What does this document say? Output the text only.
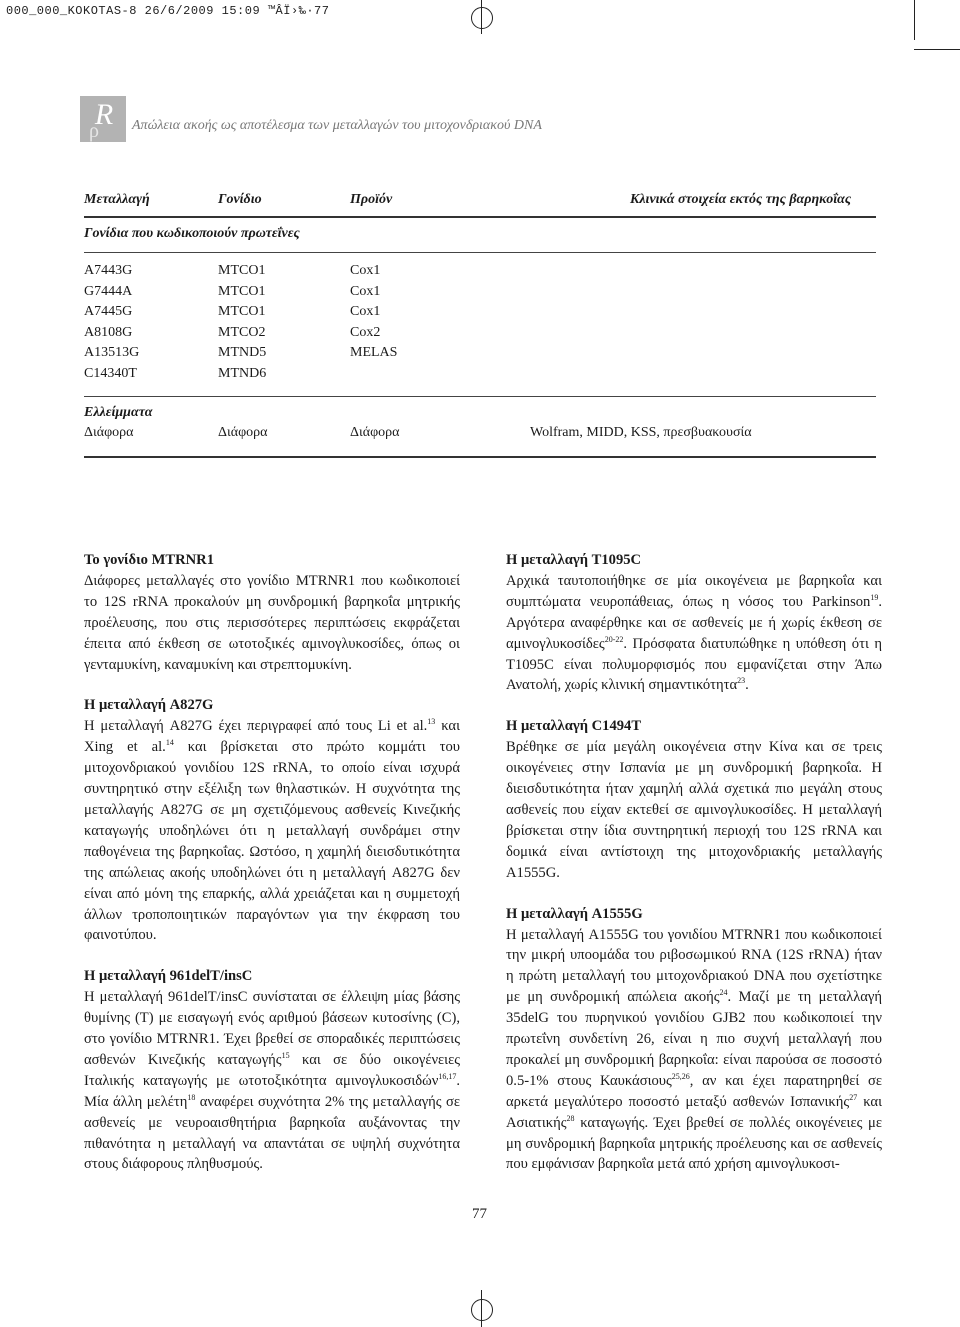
000_000_KOKOTAS-8 26/6/2009 15:09 ™ÂÏ›‰·77
R
ρ Απώλεια ακοής ως αποτέλεσμα των μεταλλαγών του μιτοχονδριακού DNA
Μεταλλαγή	Γονίδιο	Προϊόν	Κλινικά στοιχεία εκτός της βαρηκοΐας
Γονίδια που κωδικοποιούν πρωτεΐνες
A7443G	MTCO1	Cox1
G7444A	MTCO1	Cox1
A7445G	MTCO1	Cox1
A8108G	MTCO2	Cox2
A13513G	MTND5	MELAS
C14340T	MTND6
Ελλείμματα
Διάφορα	Διάφορα	Διάφορα	Wolfram, MIDD, KSS, πρεσβυακουσία
Το γονίδιο MTRNR1

Διάφορες μεταλλαγές στο γονίδιο MTRNR1 που κωδικοποιεί το 12S rRNA προκαλούν μη συνδρομική βαρηκοΐα μητρικής προέλευσης, που στις περισσότερες περιπτώσεις εκφράζεται έπειτα από έκθεση σε ωτοτοξικές αμινογλυκοσίδες, όπως οι γενταμυκίνη, καναμυκίνη και στρεπτομυκίνη.

Η μεταλλαγή A827G

Η μεταλλαγή A827G έχει περιγραφεί από τους Li et al.$^{13}$ και Xing et al.$^{14}$ και βρίσκεται στο πρώτο κομμάτι του μιτοχονδριακού γονιδίου 12S rRNA, το οποίο είναι ισχυρά συντηρητικό στην εξέλιξη των θηλαστικών. Η συχνότητα της μεταλλαγής A827G σε μη σχετιζόμενους ασθενείς Κινεζικής καταγωγής υποδηλώνει ότι η μεταλλαγή συνδράμει στην παθογένεια της βαρηκοΐας. Ωστόσο, η χαμηλή διεισδυτικότητα της απώλειας ακοής υποδηλώνει ότι η μεταλλαγή A827G δεν είναι από μόνη της επαρκής, αλλά χρειάζεται και η συμμετοχή άλλων τροποποιητικών παραγόντων για την έκφραση του φαινοτύπου.

Η μεταλλαγή 961delT/insC

Η μεταλλαγή 961delT/insC συνίσταται σε έλλειψη μίας βάσης θυμίνης (T) με εισαγωγή ενός αριθμού βάσεων κυτοσίνης (C), στο γονίδιο MTRNR1. Έχει βρεθεί σε σποραδικές περιπτώσεις ασθενών Κινεζικής καταγωγής$^{15}$ και σε δύο οικογένειες Ιταλικής καταγωγής με ωτοτοξικότητα αμινογλυκοσιδών$^{16,17}$. Μία άλλη μελέτη$^{18}$ αναφέρει συχνότητα 2% της μεταλλαγής σε ασθενείς με νευροαισθητήρια βαρηκοΐα αυξάνοντας την πιθανότητα η μεταλλαγή να απαντάται σε υψηλή συχνότητα στους διάφορους πληθυσμούς.

Η μεταλλαγή T1095C

Αρχικά ταυτοποιήθηκε σε μία οικογένεια με βαρηκοΐα και συμπτώματα νευροπάθειας, όπως η νόσος του Parkinson$^{19}$. Αργότερα αναφέρθηκε και σε ασθενείς με ή χωρίς έκθεση σε αμινογλυκοσίδες$^{20-22}$. Πρόσφατα διατυπώθηκε η υπόθεση ότι η T1095C είναι πολυμορφισμός που εμφανίζεται στην Άπω Ανατολή, χωρίς κλινική σημαντικότητα$^{23}$.

Η μεταλλαγή C1494T

Βρέθηκε σε μία μεγάλη οικογένεια στην Κίνα και σε τρεις οικογένειες στην Ισπανία με μη συνδρομική βαρηκοΐα. Η διεισδυτικότητα ήταν χαμηλή αλλά σχετικά πιο μεγάλη στους ασθενείς που είχαν εκτεθεί σε αμινογλυκοσίδες. Η μεταλλαγή βρίσκεται στην ίδια συντηρητική περιοχή του 12S rRNA και δομικά είναι αντίστοιχη της μιτοχονδριακής μεταλλαγής A1555G.

Η μεταλλαγή A1555G

Η μεταλλαγή A1555G του γονιδίου MTRNR1 που κωδικοποιεί την μικρή υποομάδα του ριβοσωμικού RNA (12S rRNA) ήταν η πρώτη μεταλλαγή του μιτοχονδριακού DNA που σχετίστηκε με μη συνδρομική απώλεια ακοής$^{24}$. Μαζί με τη μεταλλαγή 35delG του πυρηνικού γονιδίου GJB2 που κωδικοποιεί την πρωτεΐνη συνδετίνη 26, είναι η πιο συχνή μεταλλαγή που προκαλεί μη συνδρομική βαρηκοΐα: είναι παρούσα σε ποσοστό 0.5-1% στους Καυκάσιους$^{25,26}$, αν και έχει παρατηρηθεί σε αρκετά μεγαλύτερο ποσοστό μεταξύ ασθενών Ισπανικής$^{27}$ και Ασιατικής$^{28}$ καταγωγής. Έχει βρεθεί σε πολλές οικογένειες με μη συνδρομική βαρηκοΐα μητρικής προέλευσης και σε ασθενείς που εμφάνισαν βαρηκοΐα μετά από χρήση αμινογλυκοσι-

77
